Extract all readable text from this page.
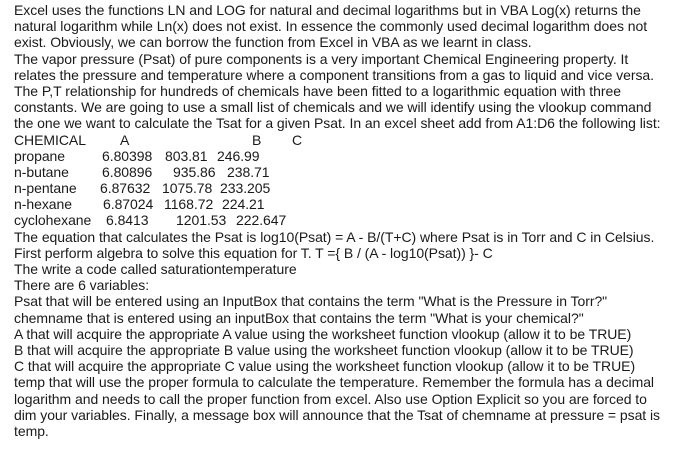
Excel uses the functions LN and LOG for natural and decimal logarithms but in VBA Log(x) returns the
natural logarithm while Ln(x) does not exist. In essence the commonly used decimal logarithm does not
exist. Obviously, we can borrow the function from Excel in VBA as we learnt in class.
The vapor pressure (Psat) of pure components is a very important Chemical Engineering property. It
relates the pressure and temperature where a component transitions from a gas to liquid and vice versa.
The P,T relationship for hundreds of chemicals have been fitted to a logarithmic equation with three
constants. We are going to use a small list of chemicals and we will identify using the vlookup command
the one we want to calculate the Tsat for a given Psat. In an excel sheet add from A1:D6 the following list:
CHEMICAL	A	B	C
propane	6.80398 803.81 246.99
n-butane	6.80896	935.86 238.71
n-pentane	6.87632 1075.78 233.205
n-hexane	6.87024 1168.72 224.21
cyclohexane	6.8413	1201.53 222.647
The equation that calculates the Psat is log10(Psat) = A - B/(T+C) where Psat is in Torr and C in Celsius.
First perform algebra to solve this equation for T. T ={ B / (A - log10(Psat)) }- C
The write a code called saturationtemperature
There are 6 variables:
Psat that will be entered using an InputBox that contains the term "What is the Pressure in Torr?"
chemname that is entered using an inputBox that contains the term "What is your chemical?"
A that will acquire the appropriate A value using the worksheet function vlookup (allow it to be TRUE)
B that will acquire the appropriate B value using the worksheet function vlookup (allow it to be TRUE)
C that will acquire the appropriate C value using the worksheet function vlookup (allow it to be TRUE)
temp that will use the proper formula to calculate the temperature. Remember the formula has a decimal
logarithm and needs to call the proper function from excel. Also use Option Explicit so you are forced to
dim your variables. Finally, a message box will announce that the Tsat of chemname at pressure = psat is
temp.
